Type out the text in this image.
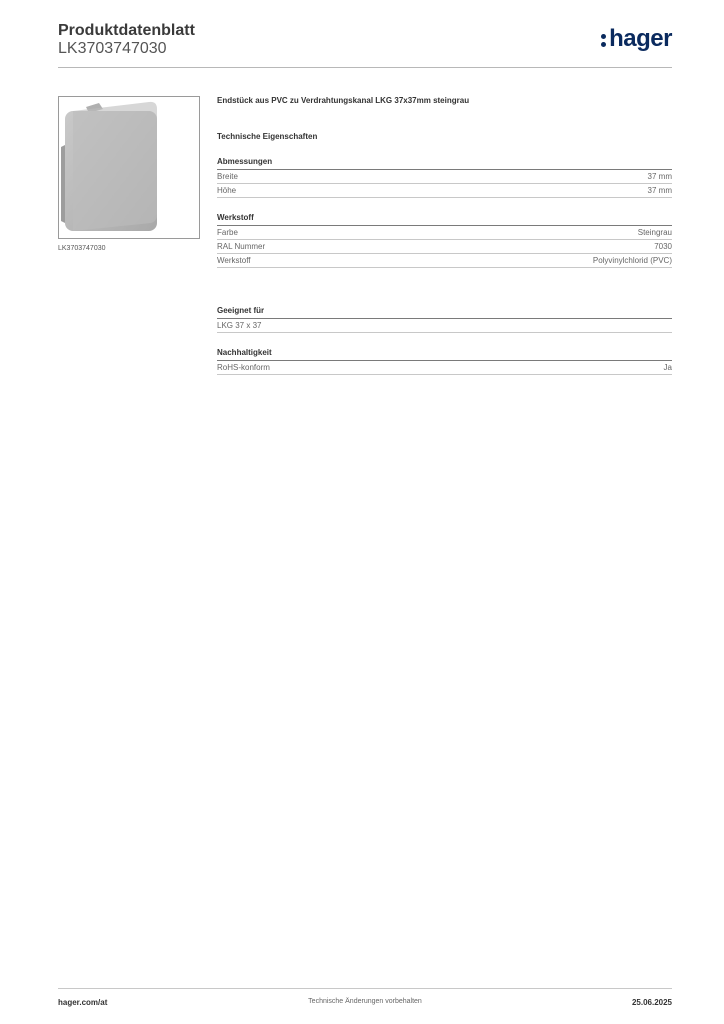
Produktdatenblatt
LK3703747030	hager
LK3703747030
Endstück aus PVC zu Verdrahtungskanal LKG 37x37mm steingrau
Technische Eigenschaften
Abmessungen
Breite	37 mm
Höhe	37 mm
Werkstoff
Farbe	Steingrau
RAL Nummer	7030
Werkstoff	Polyvinylchlorid (PVC)
Geeignet für
LKG 37 x 37
Nachhaltigkeit
RoHS-konform	Ja
hager.com/at	Technische Änderungen vorbehalten	25.06.2025
